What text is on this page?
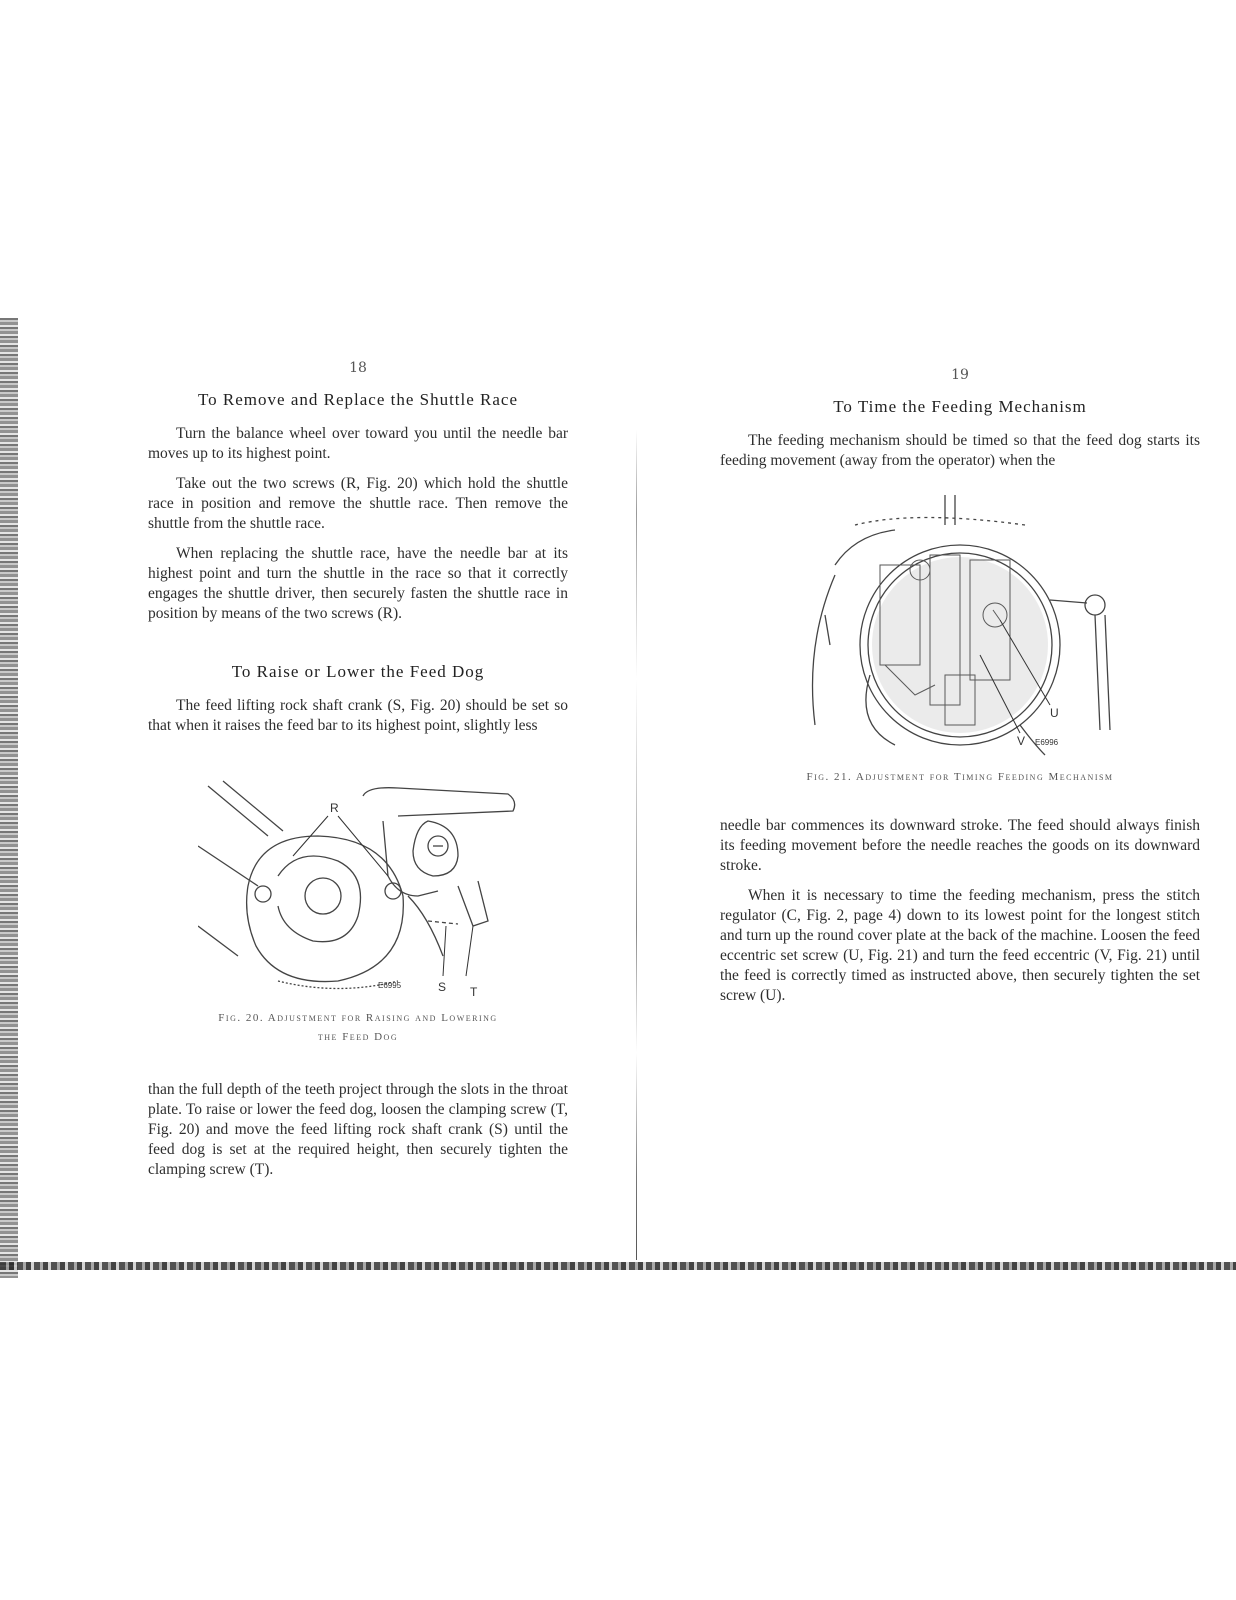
18
To Remove and Replace the Shuttle Race

Turn the balance wheel over toward you until the needle bar moves up to its highest point.

Take out the two screws (R, Fig. 20) which hold the shuttle race in position and remove the shuttle race. Then remove the shuttle from the shuttle race.

When replacing the shuttle race, have the needle bar at its highest point and turn the shuttle in the race so that it correctly engages the shuttle driver, then securely fasten the shuttle race in position by means of the two screws (R).

To Raise or Lower the Feed Dog

The feed lifting rock shaft crank (S, Fig. 20) should be set so that when it raises the feed bar to its highest point, slightly less

R
S T
E6995
Fig. 20. Adjustment for Raising and Lowering
the Feed Dog

than the full depth of the teeth project through the slots in the throat plate. To raise or lower the feed dog, loosen the clamping screw (T, Fig. 20) and move the feed lifting rock shaft crank (S) until the feed dog is set at the required height, then securely tighten the clamping screw (T).

19
To Time the Feeding Mechanism

The feeding mechanism should be timed so that the feed dog starts its feeding movement (away from the operator) when the

U
V E6996
Fig. 21. Adjustment for Timing Feeding Mechanism

needle bar commences its downward stroke. The feed should always finish its feeding movement before the needle reaches the goods on its downward stroke.

When it is necessary to time the feeding mechanism, press the stitch regulator (C, Fig. 2, page 4) down to its lowest point for the longest stitch and turn up the round cover plate at the back of the machine. Loosen the feed eccentric set screw (U, Fig. 21) and turn the feed eccentric (V, Fig. 21) until the feed is correctly timed as instructed above, then securely tighten the set screw (U).
